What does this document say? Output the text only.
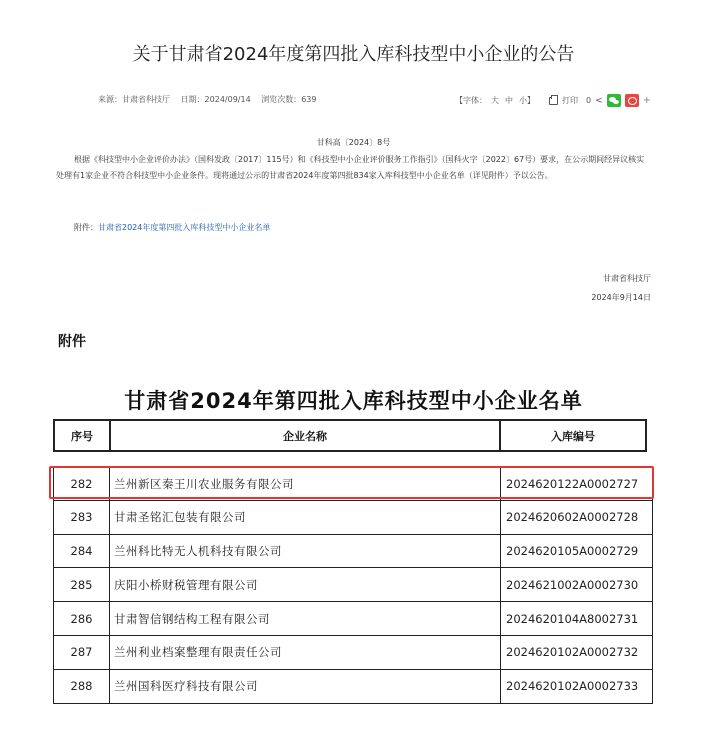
关于甘肃省2024年度第四批入库科技型中小企业的公告
来源：甘肃省科技厅 日期：2024/09/14 浏览次数：639	【字体： 大 中 小】	打印 0 <	+
甘科高〔2024〕8号
根据《科技型中小企业评价办法》（国科发政〔2017〕115号）和《科技型中小企业评价服务工作指引》（国科火字〔2022〕67号）要求，在公示期间经异议核实处理有1家企业不符合科技型中小企业条件。现将通过公示的甘肃省2024年度第四批834家入库科技型中小企业名单（详见附件）予以公告。
附件：甘肃省2024年度第四批入库科技型中小企业名单
甘肃省科技厅
2024年9月14日
附件
甘肃省2024年第四批入库科技型中小企业名单
序号	企业名称	入库编号
282	兰州新区秦王川农业服务有限公司	2024620122A0002727
283	甘肃圣铭汇包装有限公司	2024620602A0002728
284	兰州科比特无人机科技有限公司	2024620105A0002729
285	庆阳小桥财税管理有限公司	2024621002A0002730
286	甘肃智信钢结构工程有限公司	2024620104A8002731
287	兰州利业档案整理有限责任公司	2024620102A0002732
288	兰州国科医疗科技有限公司	2024620102A0002733
